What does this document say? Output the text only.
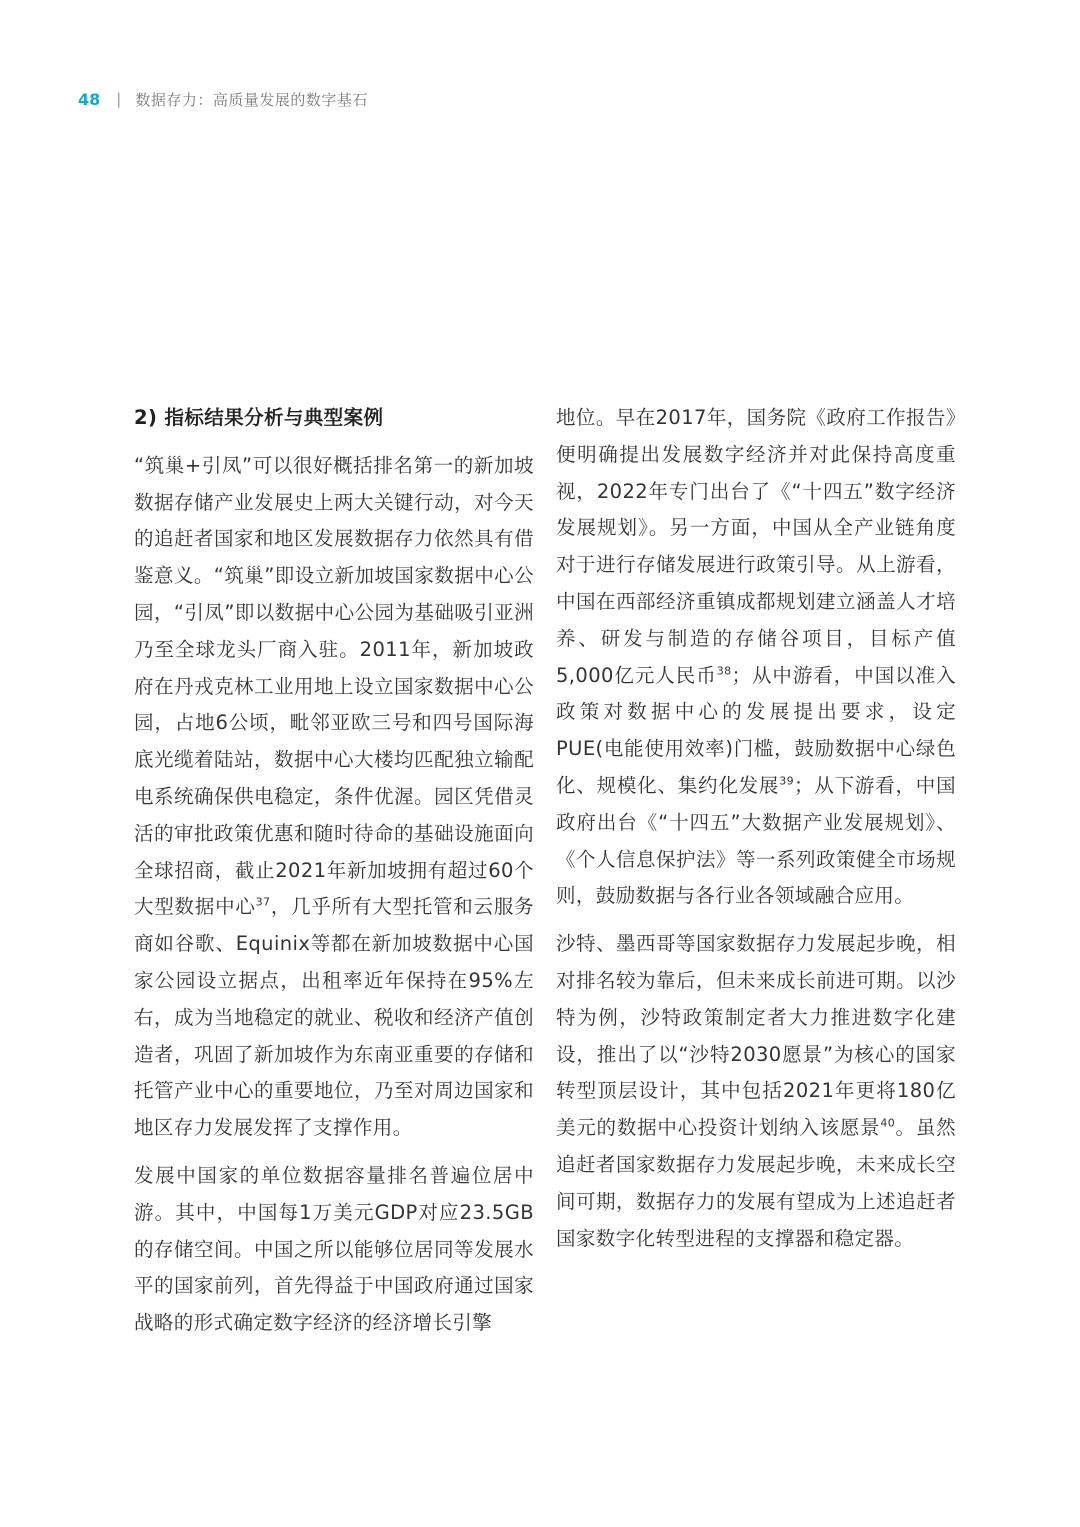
48 | 数据存力：高质量发展的数字基石

2) 指标结果分析与典型案例

“筑巢+引凤”可以很好概括排名第一的新加坡数据存储产业发展史上两大关键行动，对今天的追赶者国家和地区发展数据存力依然具有借鉴意义。“筑巢”即设立新加坡国家数据中心公园，“引凤”即以数据中心公园为基础吸引亚洲乃至全球龙头厂商入驻。2011年，新加坡政府在丹戎克林工业用地上设立国家数据中心公园，占地6公顷，毗邻亚欧三号和四号国际海底光缆着陆站，数据中心大楼均匹配独立输配电系统确保供电稳定，条件优渥。园区凭借灵活的审批政策优惠和随时待命的基础设施面向全球招商，截止2021年新加坡拥有超过60个大型数据中心$^{37}$，几乎所有大型托管和云服务商如谷歌、Equinix等都在新加坡数据中心国家公园设立据点，出租率近年保持在95%左右，成为当地稳定的就业、税收和经济产值创造者，巩固了新加坡作为东南亚重要的存储和托管产业中心的重要地位，乃至对周边国家和地区存力发展发挥了支撑作用。

发展中国家的单位数据容量排名普遍位居中游。其中，中国每1万美元GDP对应23.5GB的存储空间。中国之所以能够位居同等发展水平的国家前列，首先得益于中国政府通过国家战略的形式确定数字经济的经济增长引擎

地位。早在2017年，国务院《政府工作报告》便明确提出发展数字经济并对此保持高度重视，2022年专门出台了《“十四五”数字经济发展规划》。另一方面，中国从全产业链角度对于进行存储发展进行政策引导。从上游看，中国在西部经济重镇成都规划建立涵盖人才培养、研发与制造的存储谷项目，目标产值5,000亿元人民币$^{38}$；从中游看，中国以准入政策对数据中心的发展提出要求，设定PUE(电能使用效率)门槛，鼓励数据中心绿色化、规模化、集约化发展$^{39}$；从下游看，中国政府出台《“十四五”大数据产业发展规划》、《个人信息保护法》等一系列政策健全市场规则，鼓励数据与各行业各领域融合应用。

沙特、墨西哥等国家数据存力发展起步晚，相对排名较为靠后，但未来成长前进可期。以沙特为例，沙特政策制定者大力推进数字化建设，推出了以“沙特2030愿景”为核心的国家转型顶层设计，其中包括2021年更将180亿美元的数据中心投资计划纳入该愿景$^{40}$。虽然追赶者国家数据存力发展起步晚，未来成长空间可期，数据存力的发展有望成为上述追赶者国家数字化转型进程的支撑器和稳定器。
